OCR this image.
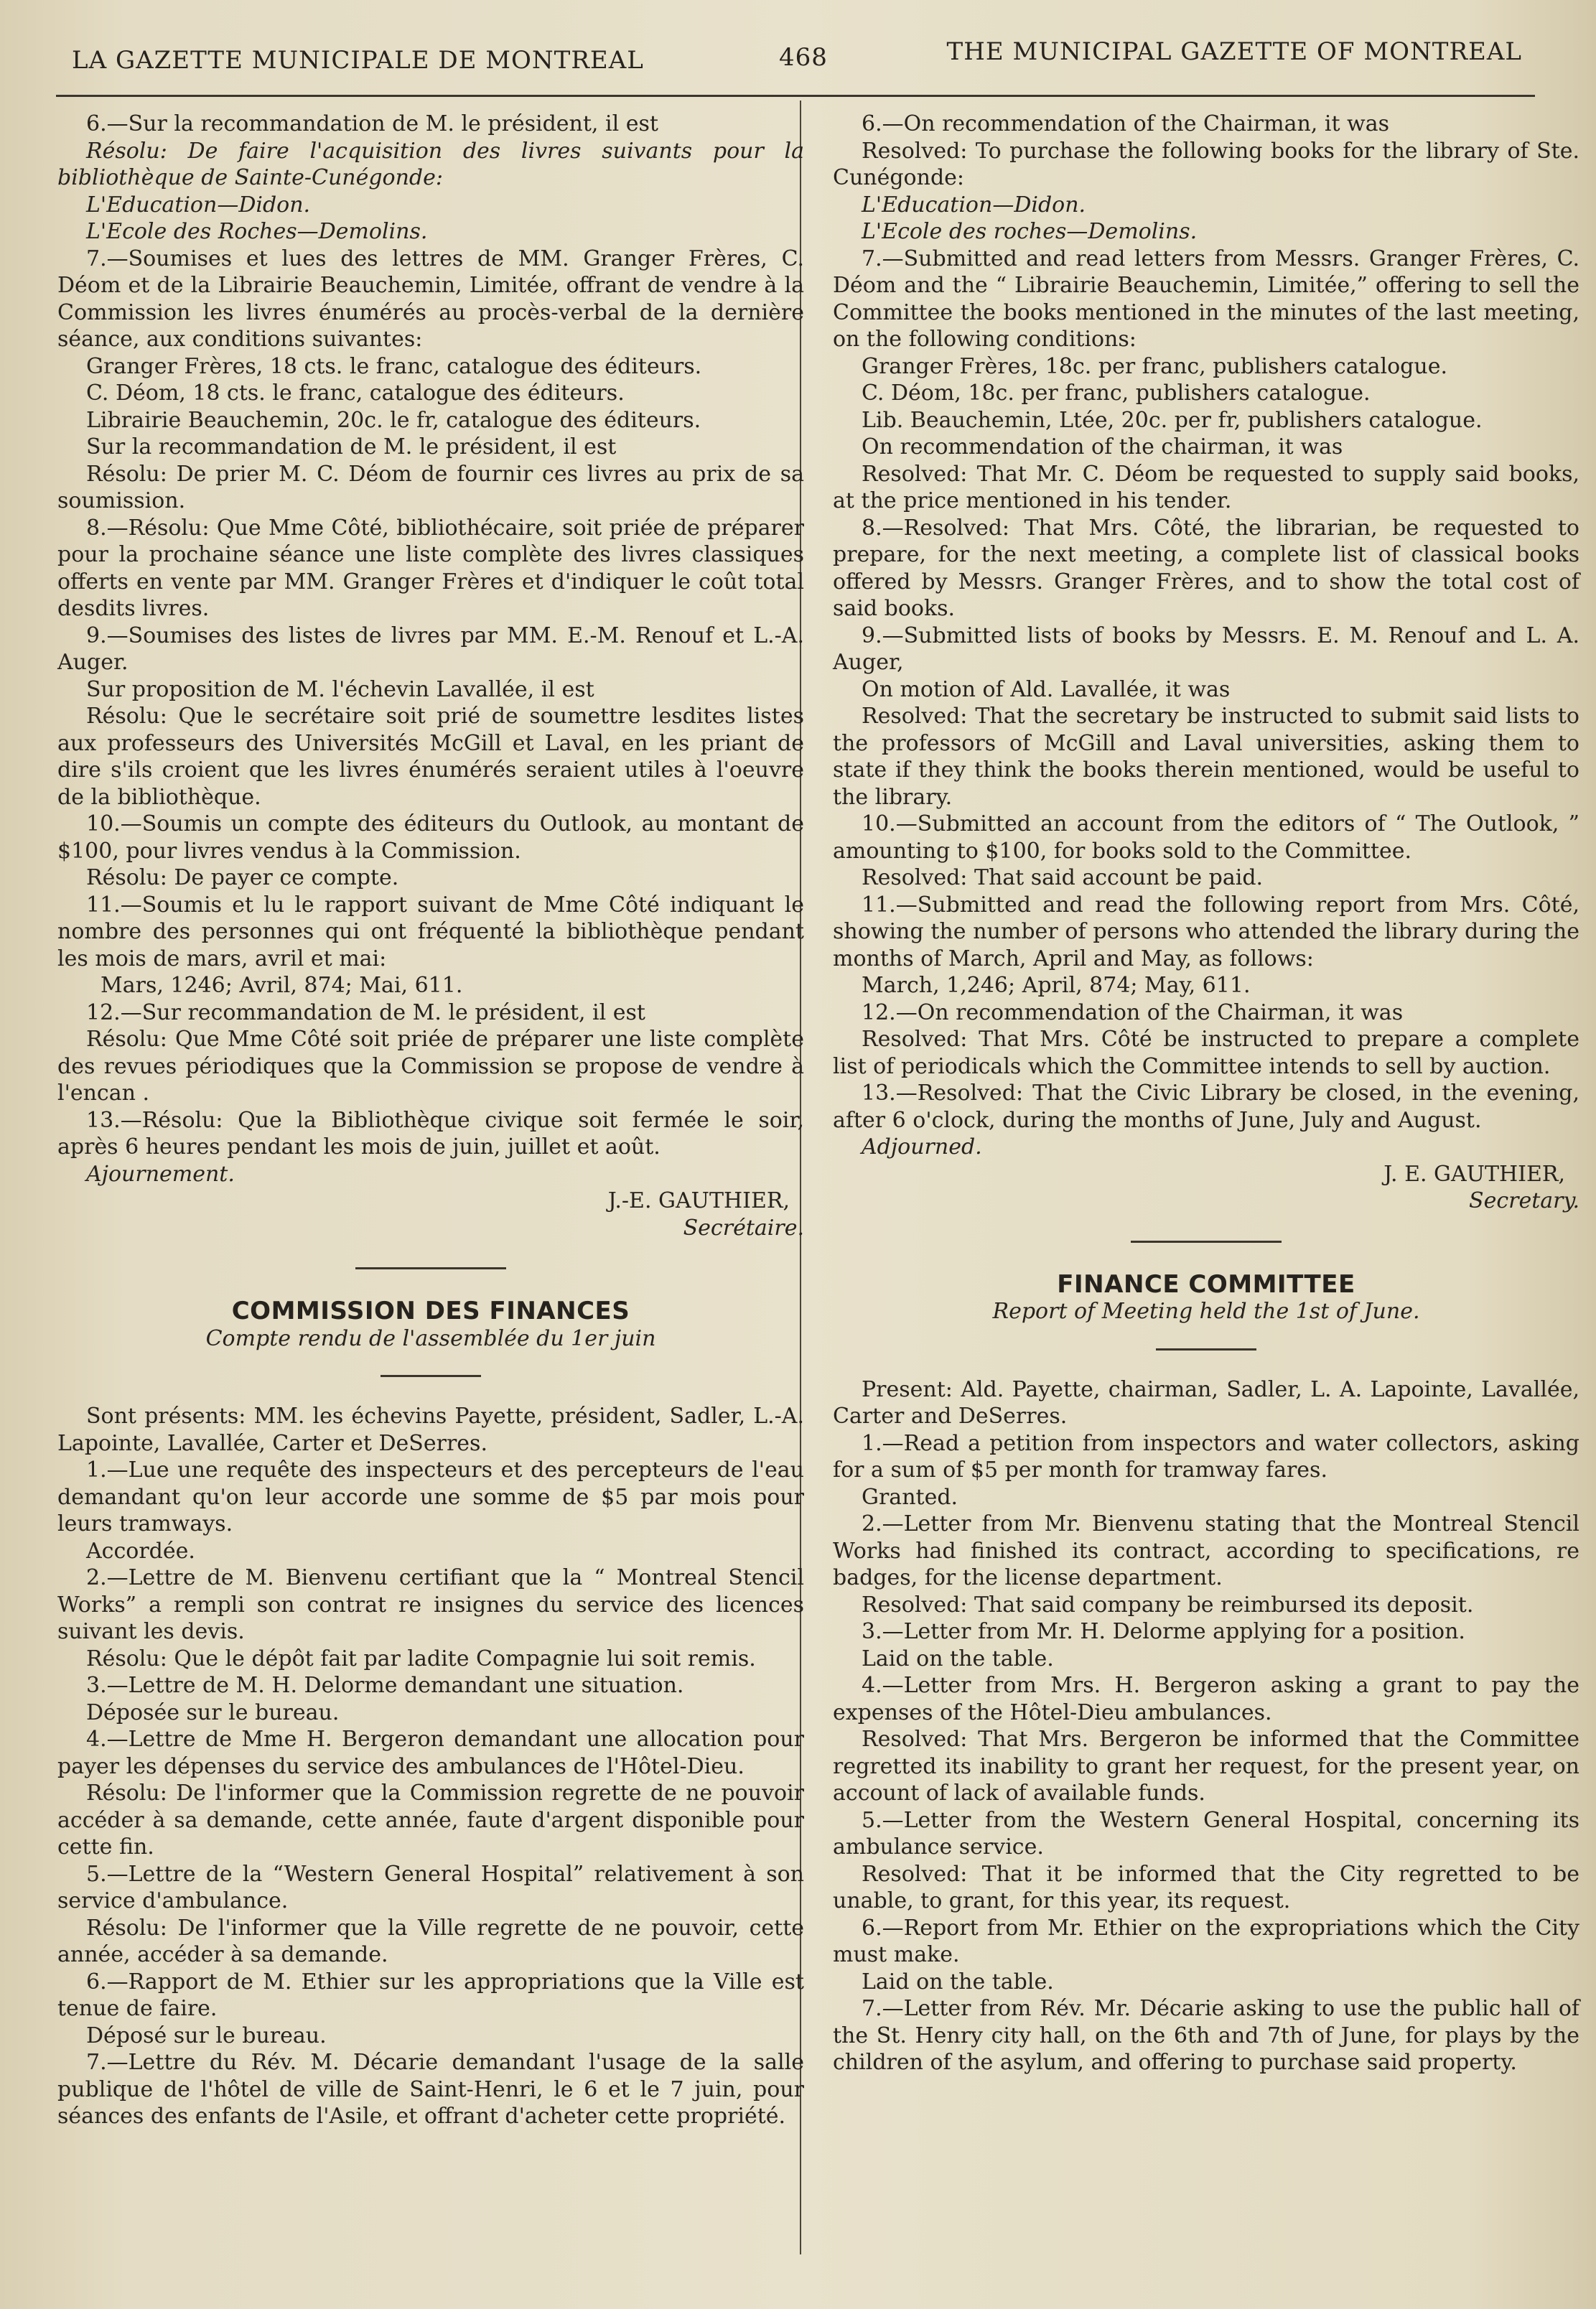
LA GAZETTE MUNICIPALE DE MONTREAL	468	THE MUNICIPAL GAZETTE OF MONTREAL

6.—Sur la recommandation de M. le président, il est

Résolu: De faire l'acquisition des livres suivants pour la bibliothèque de Sainte-Cunégonde:

L'Education—Didon.

L'Ecole des Roches—Demolins.

7.—Soumises et lues des lettres de MM. Granger Frères, C. Déom et de la Librairie Beauchemin, Limitée, offrant de vendre à la Commission les livres énumérés au procès-verbal de la dernière séance, aux conditions suivantes:

Granger Frères, 18 cts. le franc, catalogue des éditeurs.

C. Déom, 18 cts. le franc, catalogue des éditeurs.

Librairie Beauchemin, 20c. le fr, catalogue des éditeurs.

Sur la recommandation de M. le président, il est

Résolu: De prier M. C. Déom de fournir ces livres au prix de sa soumission.

8.—Résolu: Que Mme Côté, bibliothécaire, soit priée de préparer pour la prochaine séance une liste complète des livres classiques offerts en vente par MM. Granger Frères et d'indiquer le coût total desdits livres.

9.—Soumises des listes de livres par MM. E.-M. Renouf et L.-A. Auger.

Sur proposition de M. l'échevin Lavallée, il est

Résolu: Que le secrétaire soit prié de soumettre lesdites listes aux professeurs des Universités McGill et Laval, en les priant de dire s'ils croient que les livres énumérés seraient utiles à l'oeuvre de la bibliothèque.

10.—Soumis un compte des éditeurs du Outlook, au montant de $100, pour livres vendus à la Commission.

Résolu: De payer ce compte.

11.—Soumis et lu le rapport suivant de Mme Côté indiquant le nombre des personnes qui ont fréquenté la bibliothèque pendant les mois de mars, avril et mai:

Mars, 1246; Avril, 874; Mai, 611.

12.—Sur recommandation de M. le président, il est

Résolu: Que Mme Côté soit priée de préparer une liste complète des revues périodiques que la Commission se propose de vendre à l'encan .

13.—Résolu: Que la Bibliothèque civique soit fermée le soir, après 6 heures pendant les mois de juin, juillet et août.

Ajournement.

J.-E. GAUTHIER,

Secrétaire.

COMMISSION DES FINANCES

Compte rendu de l'assemblée du 1er juin

Sont présents: MM. les échevins Payette, président, Sadler, L.-A. Lapointe, Lavallée, Carter et DeSerres.

1.—Lue une requête des inspecteurs et des percepteurs de l'eau demandant qu'on leur accorde une somme de $5 par mois pour leurs tramways.

Accordée.

2.—Lettre de M. Bienvenu certifiant que la “ Montreal Stencil Works” a rempli son contrat re insignes du service des licences suivant les devis.

Résolu: Que le dépôt fait par ladite Compagnie lui soit remis.

3.—Lettre de M. H. Delorme demandant une situation.

Déposée sur le bureau.

4.—Lettre de Mme H. Bergeron demandant une allocation pour payer les dépenses du service des ambulances de l'Hôtel-Dieu.

Résolu: De l'informer que la Commission regrette de ne pouvoir accéder à sa demande, cette année, faute d'argent disponible pour cette fin.

5.—Lettre de la “Western General Hospital” relativement à son service d'ambulance.

Résolu: De l'informer que la Ville regrette de ne pouvoir, cette année, accéder à sa demande.

6.—Rapport de M. Ethier sur les appropriations que la Ville est tenue de faire.

Déposé sur le bureau.

7.—Lettre du Rév. M. Décarie demandant l'usage de la salle publique de l'hôtel de ville de Saint-Henri, le 6 et le 7 juin, pour séances des enfants de l'Asile, et offrant d'acheter cette propriété.

6.—On recommendation of the Chairman, it was

Resolved: To purchase the following books for the library of Ste. Cunégonde:

L'Education—Didon.

L'Ecole des roches—Demolins.

7.—Submitted and read letters from Messrs. Granger Frères, C. Déom and the “ Librairie Beauchemin, Limitée,” offering to sell the Committee the books mentioned in the minutes of the last meeting, on the following conditions:

Granger Frères, 18c. per franc, publishers catalogue.

C. Déom, 18c. per franc, publishers catalogue.

Lib. Beauchemin, Ltée, 20c. per fr, publishers catalogue.

On recommendation of the chairman, it was

Resolved: That Mr. C. Déom be requested to supply said books, at the price mentioned in his tender.

8.—Resolved: That Mrs. Côté, the librarian, be requested to prepare, for the next meeting, a complete list of classical books offered by Messrs. Granger Frères, and to show the total cost of said books.

9.—Submitted lists of books by Messrs. E. M. Renouf and L. A. Auger,

On motion of Ald. Lavallée, it was

Resolved: That the secretary be instructed to submit said lists to the professors of McGill and Laval universities, asking them to state if they think the books therein mentioned, would be useful to the library.

10.—Submitted an account from the editors of “ The Outlook, ” amounting to $100, for books sold to the Committee.

Resolved: That said account be paid.

11.—Submitted and read the following report from Mrs. Côté, showing the number of persons who attended the library during the months of March, April and May, as follows:

March, 1,246; April, 874; May, 611.

12.—On recommendation of the Chairman, it was

Resolved: That Mrs. Côté be instructed to prepare a complete list of periodicals which the Committee intends to sell by auction.

13.—Resolved: That the Civic Library be closed, in the evening, after 6 o'clock, during the months of June, July and August.

Adjourned.

J. E. GAUTHIER,

Secretary.

FINANCE COMMITTEE

Report of Meeting held the 1st of June.

Present: Ald. Payette, chairman, Sadler, L. A. Lapointe, Lavallée, Carter and DeSerres.

1.—Read a petition from inspectors and water collectors, asking for a sum of $5 per month for tramway fares.

Granted.

2.—Letter from Mr. Bienvenu stating that the Montreal Stencil Works had finished its contract, according to specifications, re badges, for the license department.

Resolved: That said company be reimbursed its deposit.

3.—Letter from Mr. H. Delorme applying for a position.

Laid on the table.

4.—Letter from Mrs. H. Bergeron asking a grant to pay the expenses of the Hôtel-Dieu ambulances.

Resolved: That Mrs. Bergeron be informed that the Committee regretted its inability to grant her request, for the present year, on account of lack of available funds.

5.—Letter from the Western General Hospital, concerning its ambulance service.

Resolved: That it be informed that the City regretted to be unable, to grant, for this year, its request.

6.—Report from Mr. Ethier on the expropriations which the City must make.

Laid on the table.

7.—Letter from Rév. Mr. Décarie asking to use the public hall of the St. Henry city hall, on the 6th and 7th of June, for plays by the children of the asylum, and offering to purchase said property.
